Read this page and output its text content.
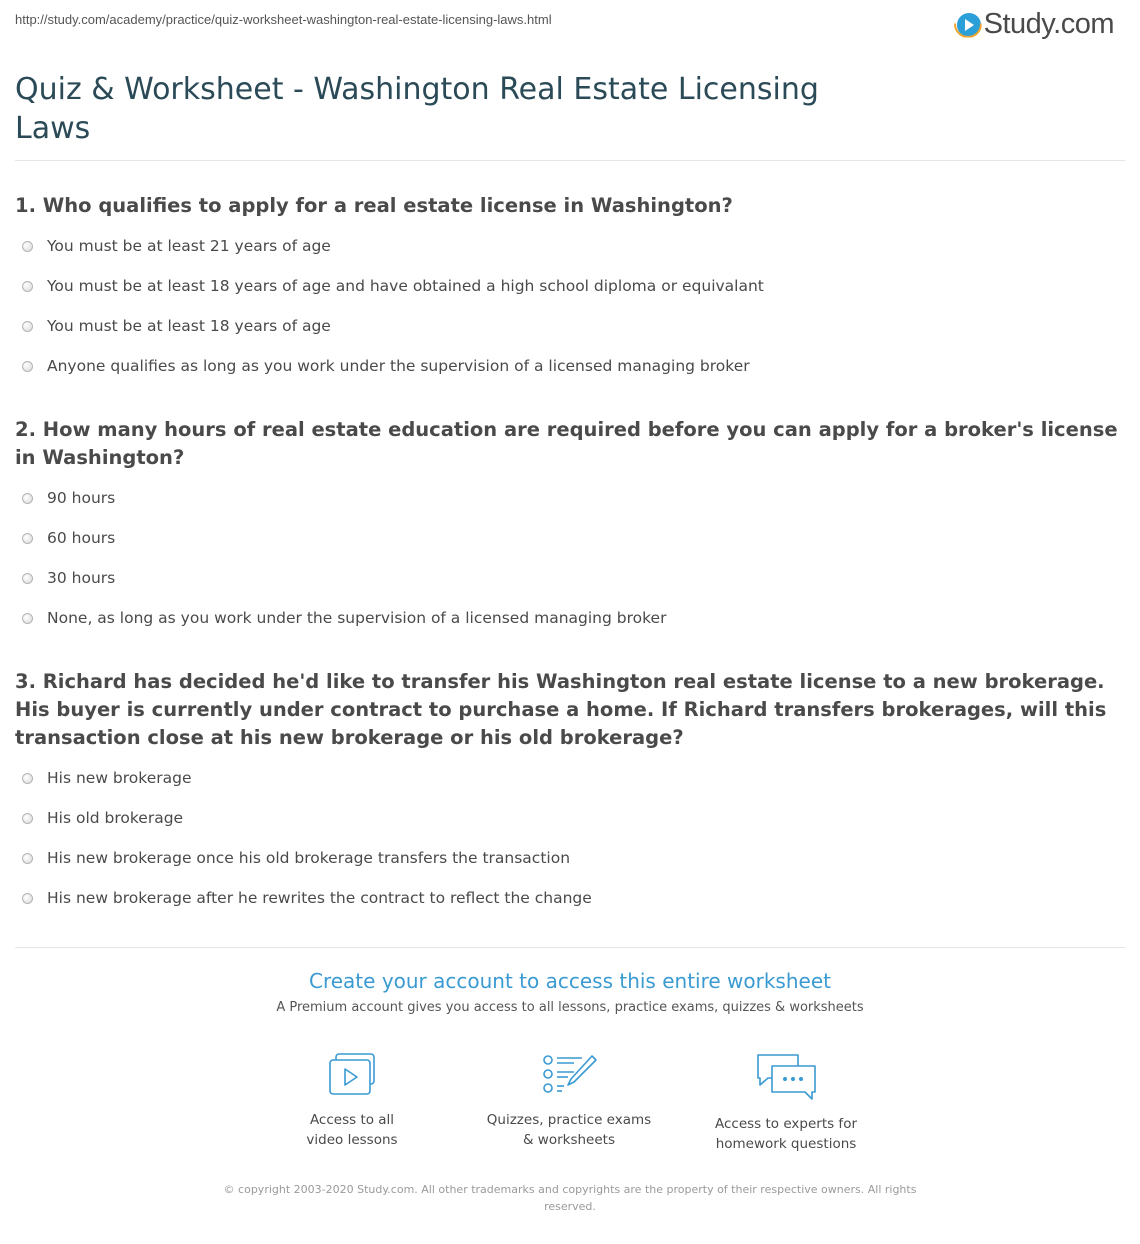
http://study.com/academy/practice/quiz-worksheet-washington-real-estate-licensing-laws.html	Study.com
Quiz & Worksheet - Washington Real Estate Licensing Laws
1. Who qualifies to apply for a real estate license in Washington?
You must be at least 21 years of age
You must be at least 18 years of age and have obtained a high school diploma or equivalant
You must be at least 18 years of age
Anyone qualifies as long as you work under the supervision of a licensed managing broker
2. How many hours of real estate education are required before you can apply for a broker's license in Washington?
90 hours
60 hours
30 hours
None, as long as you work under the supervision of a licensed managing broker
3. Richard has decided he'd like to transfer his Washington real estate license to a new brokerage. His buyer is currently under contract to purchase a home. If Richard transfers brokerages, will this transaction close at his new brokerage or his old brokerage?
His new brokerage
His old brokerage
His new brokerage once his old brokerage transfers the transaction
His new brokerage after he rewrites the contract to reflect the change
Create your account to access this entire worksheet
A Premium account gives you access to all lessons, practice exams, quizzes & worksheets
Access to all
video lessons
Quizzes, practice exams
& worksheets
Access to experts for
homework questions
© copyright 2003-2020 Study.com. All other trademarks and copyrights are the property of their respective owners. All rights reserved.
